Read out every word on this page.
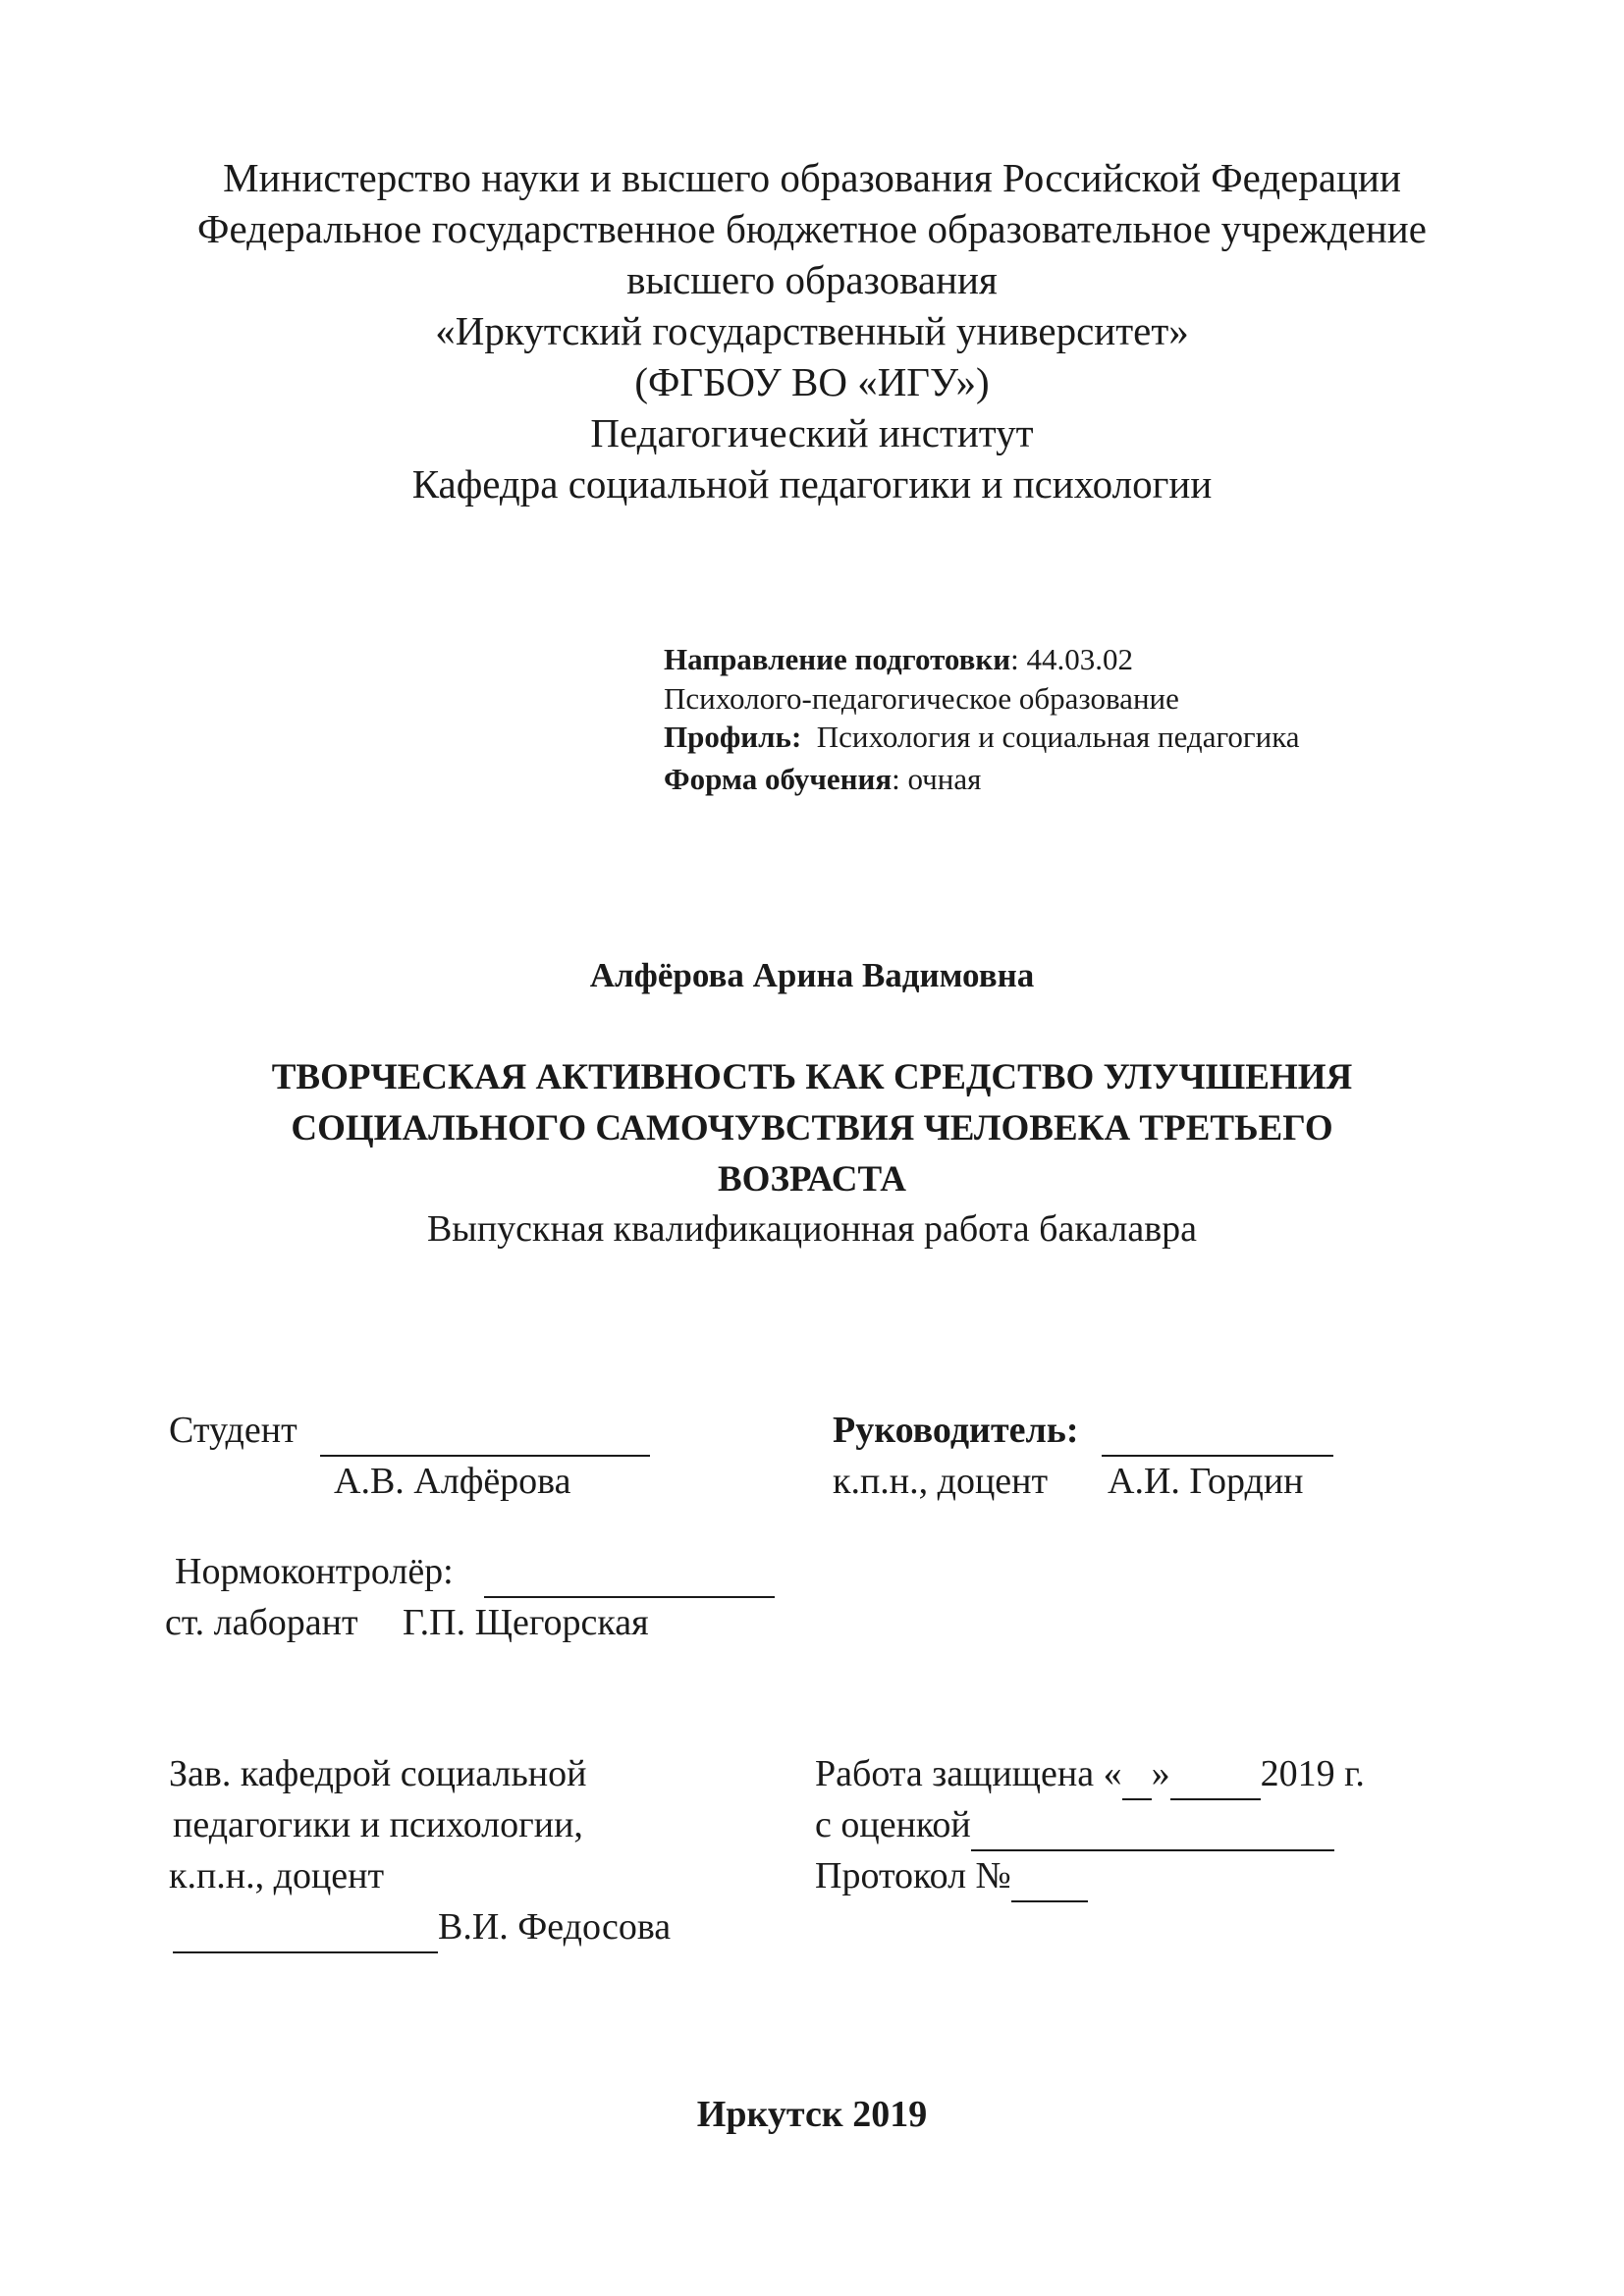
Министерство науки и высшего образования Российской Федерации
Федеральное государственное бюджетное образовательное учреждение
высшего образования
«Иркутский государственный университет»
(ФГБОУ ВО «ИГУ»)
Педагогический институт
Кафедра социальной педагогики и психологии
Направление подготовки: 44.03.02
Психолого-педагогическое образование
Профиль: Психология и социальная педагогика
Форма обучения: очная
Алфёрова Арина Вадимовна
ТВОРЧЕСКАЯ АКТИВНОСТЬ КАК СРЕДСТВО УЛУЧШЕНИЯ
СОЦИАЛЬНОГО САМОЧУВСТВИЯ ЧЕЛОВЕКА ТРЕТЬЕГО
ВОЗРАСТА
Выпускная квалификационная работа бакалавра
Студент
А.В. Алфёрова
Руководитель:
к.п.н., доцент А.И. Гордин
Нормоконтролёр:
ст. лаборант Г.П. Щегорская
Зав. кафедрой социальной
педагогики и психологии,
к.п.н., доцент
В.И. Федосова
Работа защищена « » 2019 г.
с оценкой
Протокол №
Иркутск 2019
